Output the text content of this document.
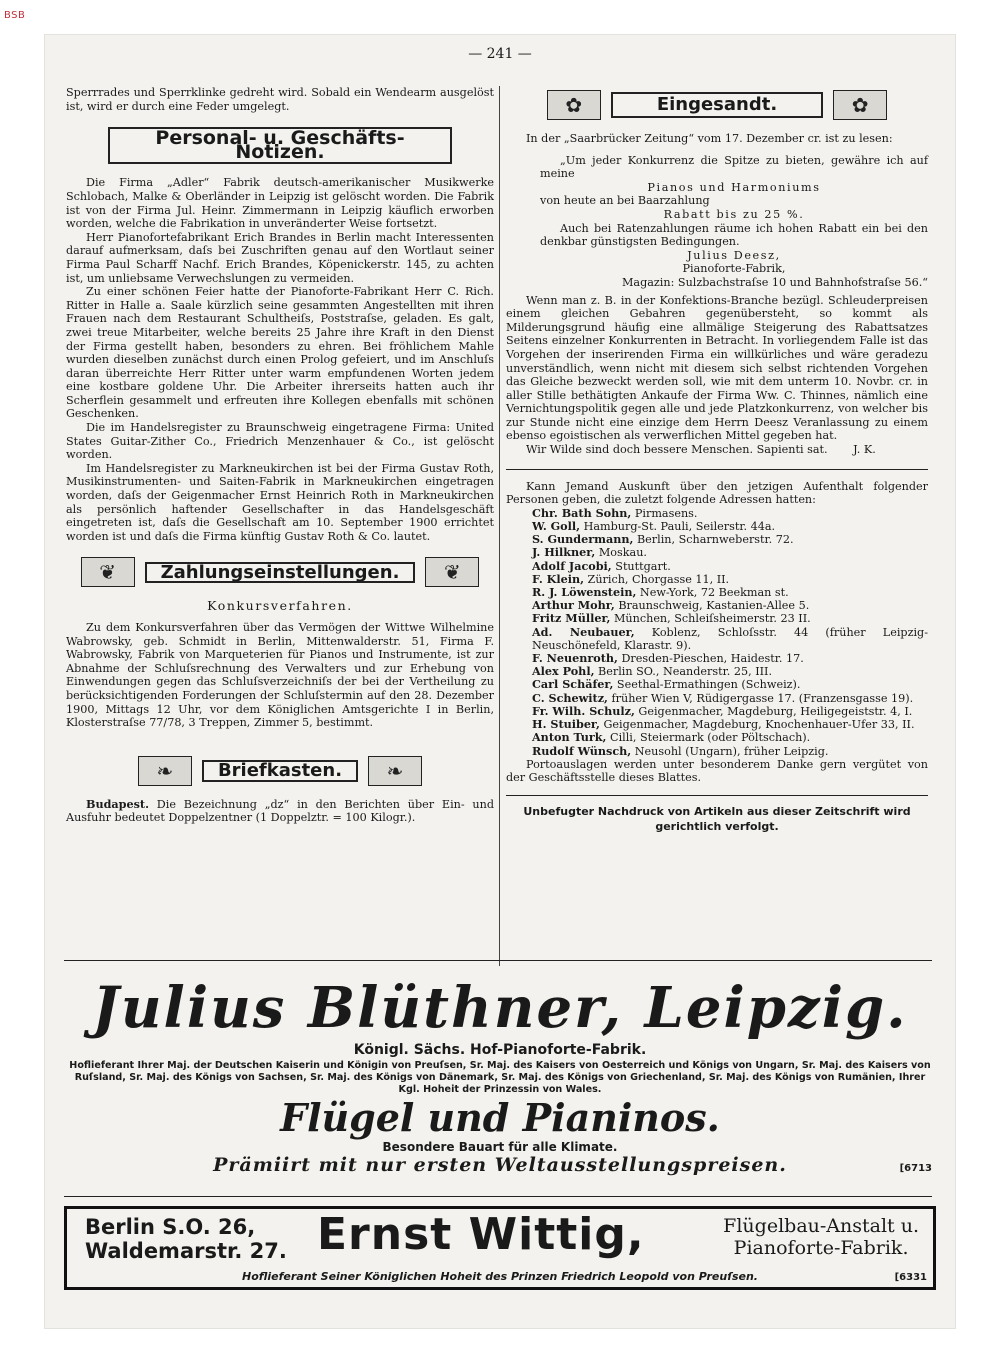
BSB
— 241 —

Sperrrades und Sperrklinke gedreht wird. Sobald ein Wendearm ausgelöst ist, wird er durch eine Feder umgelegt.

Personal- u. Geschäfts-Notizen.

Die Firma „Adler“ Fabrik deutsch-amerikanischer Musikwerke Schlobach, Malke & Oberländer in Leipzig ist gelöscht worden. Die Fabrik ist von der Firma Jul. Heinr. Zimmermann in Leipzig käuflich erworben worden, welche die Fabrikation in unveränderter Weise fortsetzt.

Herr Pianofortefabrikant Erich Brandes in Berlin macht Interessenten darauf aufmerksam, daſs bei Zuschriften genau auf den Wortlaut seiner Firma Paul Scharff Nachf. Erich Brandes, Köpenickerstr. 145, zu achten ist, um unliebsame Verwechslungen zu vermeiden.

Zu einer schönen Feier hatte der Pianoforte-Fabrikant Herr C. Rich. Ritter in Halle a. Saale kürzlich seine gesammten Angestellten mit ihren Frauen nach dem Restaurant Schultheiſs, Poststraſse, geladen. Es galt, zwei treue Mitarbeiter, welche bereits 25 Jahre ihre Kraft in den Dienst der Firma gestellt haben, besonders zu ehren. Bei fröhlichem Mahle wurden dieselben zunächst durch einen Prolog gefeiert, und im Anschluſs daran überreichte Herr Ritter unter warm empfundenen Worten jedem eine kostbare goldene Uhr. Die Arbeiter ihrerseits hatten auch ihr Scherflein gesammelt und erfreuten ihre Kollegen ebenfalls mit schönen Geschenken.

Die im Handelsregister zu Braunschweig eingetragene Firma: United States Guitar-Zither Co., Friedrich Menzenhauer & Co., ist gelöscht worden.

Im Handelsregister zu Markneukirchen ist bei der Firma Gustav Roth, Musikinstrumenten- und Saiten-Fabrik in Markneukirchen eingetragen worden, daſs der Geigenmacher Ernst Heinrich Roth in Markneukirchen als persönlich haftender Gesellschafter in das Handelsgeschäft eingetreten ist, daſs die Gesellschaft am 10. September 1900 errichtet worden ist und daſs die Firma künftig Gustav Roth & Co. lautet.

❦	Zahlungseinstellungen.	❦

Konkursverfahren.

Zu dem Konkursverfahren über das Vermögen der Wittwe Wilhelmine Wabrowsky, geb. Schmidt in Berlin, Mittenwalderstr. 51, Firma F. Wabrowsky, Fabrik von Marqueterien für Pianos und Instrumente, ist zur Abnahme der Schluſsrechnung des Verwalters und zur Erhebung von Einwendungen gegen das Schluſsverzeichniſs der bei der Vertheilung zu berücksichtigenden Forderungen der Schluſstermin auf den 28. Dezember 1900, Mittags 12 Uhr, vor dem Königlichen Amtsgerichte I in Berlin, Klosterstraſse 77/78, 3 Treppen, Zimmer 5, bestimmt.

❧	Briefkasten.	❧

Budapest. Die Bezeichnung „dz“ in den Berichten über Ein- und Ausfuhr bedeutet Doppelzentner (1 Doppelztr. = 100 Kilogr.).

✿	Eingesandt.	✿

In der „Saarbrücker Zeitung“ vom 17. Dezember cr. ist zu lesen:

„Um jeder Konkurrenz die Spitze zu bieten, gewähre ich auf meine

Pianos und Harmoniums

von heute an bei Baarzahlung

Rabatt bis zu 25 %.

Auch bei Ratenzahlungen räume ich hohen Rabatt ein bei den denkbar günstigsten Bedingungen.

Julius Deesz,

Pianoforte-Fabrik,

Magazin: Sulzbachstraſse 10 und Bahnhofstraſse 56.“

Wenn man z. B. in der Konfektions-Branche bezügl. Schleuderpreisen einem gleichen Gebahren gegenübersteht, so kommt als Milderungsgrund häufig eine allmälige Steigerung des Rabattsatzes Seitens einzelner Konkurrenten in Betracht. In vorliegendem Falle ist das Vorgehen der inserirenden Firma ein willkürliches und wäre geradezu unverständlich, wenn nicht mit diesem sich selbst richtenden Vorgehen das Gleiche bezweckt werden soll, wie mit dem unterm 10. Novbr. cr. in aller Stille bethätigten Ankaufe der Firma Ww. C. Thinnes, nämlich eine Vernichtungspolitik gegen alle und jede Platzkonkurrenz, von welcher bis zur Stunde nicht eine einzige dem Herrn Deesz Veranlassung zu einem ebenso egoistischen als verwerflichen Mittel gegeben hat.

Wir Wilde sind doch bessere Menschen. Sapienti sat. J. K.

Kann Jemand Auskunft über den jetzigen Aufenthalt folgender Personen geben, die zuletzt folgende Adressen hatten:

Chr. Bath Sohn, Pirmasens.

W. Goll, Hamburg-St. Pauli, Seilerstr. 44a.

S. Gundermann, Berlin, Scharnweberstr. 72.

J. Hilkner, Moskau.

Adolf Jacobi, Stuttgart.

F. Klein, Zürich, Chorgasse 11, II.

R. J. Löwenstein, New-York, 72 Beekman st.

Arthur Mohr, Braunschweig, Kastanien-Allee 5.

Fritz Müller, München, Schleiſsheimerstr. 23 II.

Ad. Neubauer, Koblenz, Schloſsstr. 44 (früher Leipzig-Neuschönefeld, Klarastr. 9).

F. Neuenroth, Dresden-Pieschen, Haidestr. 17.

Alex Pohl, Berlin SO., Neanderstr. 25, III.

Carl Schäfer, Seethal-Ermathingen (Schweiz).

C. Schewitz, früher Wien V, Rüdigergasse 17. (Franzensgasse 19).

Fr. Wilh. Schulz, Geigenmacher, Magdeburg, Heiligegeiststr. 4, I.

H. Stuiber, Geigenmacher, Magdeburg, Knochenhauer-Ufer 33, II.

Anton Turk, Cilli, Steiermark (oder Pöltschach).

Rudolf Wünsch, Neusohl (Ungarn), früher Leipzig.

Portoauslagen werden unter besonderem Danke gern vergütet von der Geschäftsstelle dieses Blattes.

Unbefugter Nachdruck von Artikeln aus dieser Zeitschrift wird gerichtlich verfolgt.

Julius Blüthner, Leipzig.
Königl. Sächs. Hof-Pianoforte-Fabrik.
Hoflieferant Ihrer Maj. der Deutschen Kaiserin und Königin von Preuſsen, Sr. Maj. des Kaisers von Oesterreich und Königs von Ungarn, Sr. Maj. des Kaisers von Ruſsland, Sr. Maj. des Königs von Sachsen, Sr. Maj. des Königs von Dänemark, Sr. Maj. des Königs von Griechenland, Sr. Maj. des Königs von Rumänien, Ihrer Kgl. Hoheit der Prinzessin von Wales.
Flügel und Pianinos.
Besondere Bauart für alle Klimate.
Prämiirt mit nur ersten Weltausstellungspreisen.	[6713
Berlin S.O. 26,
Waldemarstr. 27. Ernst Wittig,	Flügelbau-Anstalt u.
Pianoforte-Fabrik.
Hoflieferant Seiner Königlichen Hoheit des Prinzen Friedrich Leopold von Preuſsen.	[6331
